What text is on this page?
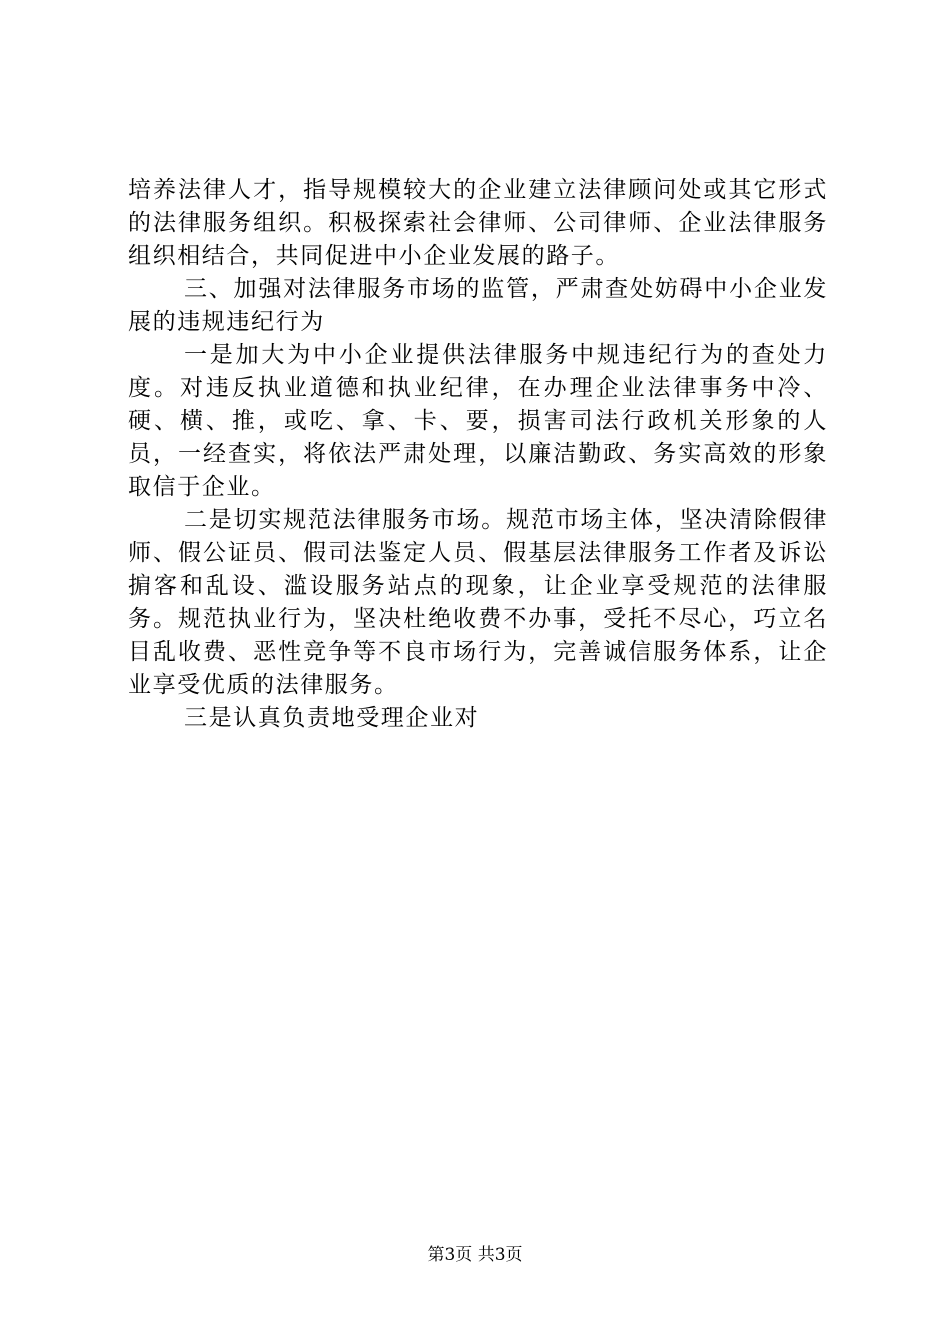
培养法律人才，指导规模较大的企业建立法律顾问处或其它形式的法律服务组织。积极探索社会律师、公司律师、企业法律服务组织相结合，共同促进中小企业发展的路子。

三、加强对法律服务市场的监管，严肃查处妨碍中小企业发展的违规违纪行为

一是加大为中小企业提供法律服务中规违纪行为的查处力度。对违反执业道德和执业纪律，在办理企业法律事务中冷、硬、横、推，或吃、拿、卡、要，损害司法行政机关形象的人员，一经查实，将依法严肃处理，以廉洁勤政、务实高效的形象取信于企业。

二是切实规范法律服务市场。规范市场主体，坚决清除假律师、假公证员、假司法鉴定人员、假基层法律服务工作者及诉讼掮客和乱设、滥设服务站点的现象，让企业享受规范的法律服务。规范执业行为，坚决杜绝收费不办事，受托不尽心，巧立名目乱收费、恶性竞争等不良市场行为，完善诚信服务体系，让企业享受优质的法律服务。

三是认真负责地受理企业对

第3页 共3页
